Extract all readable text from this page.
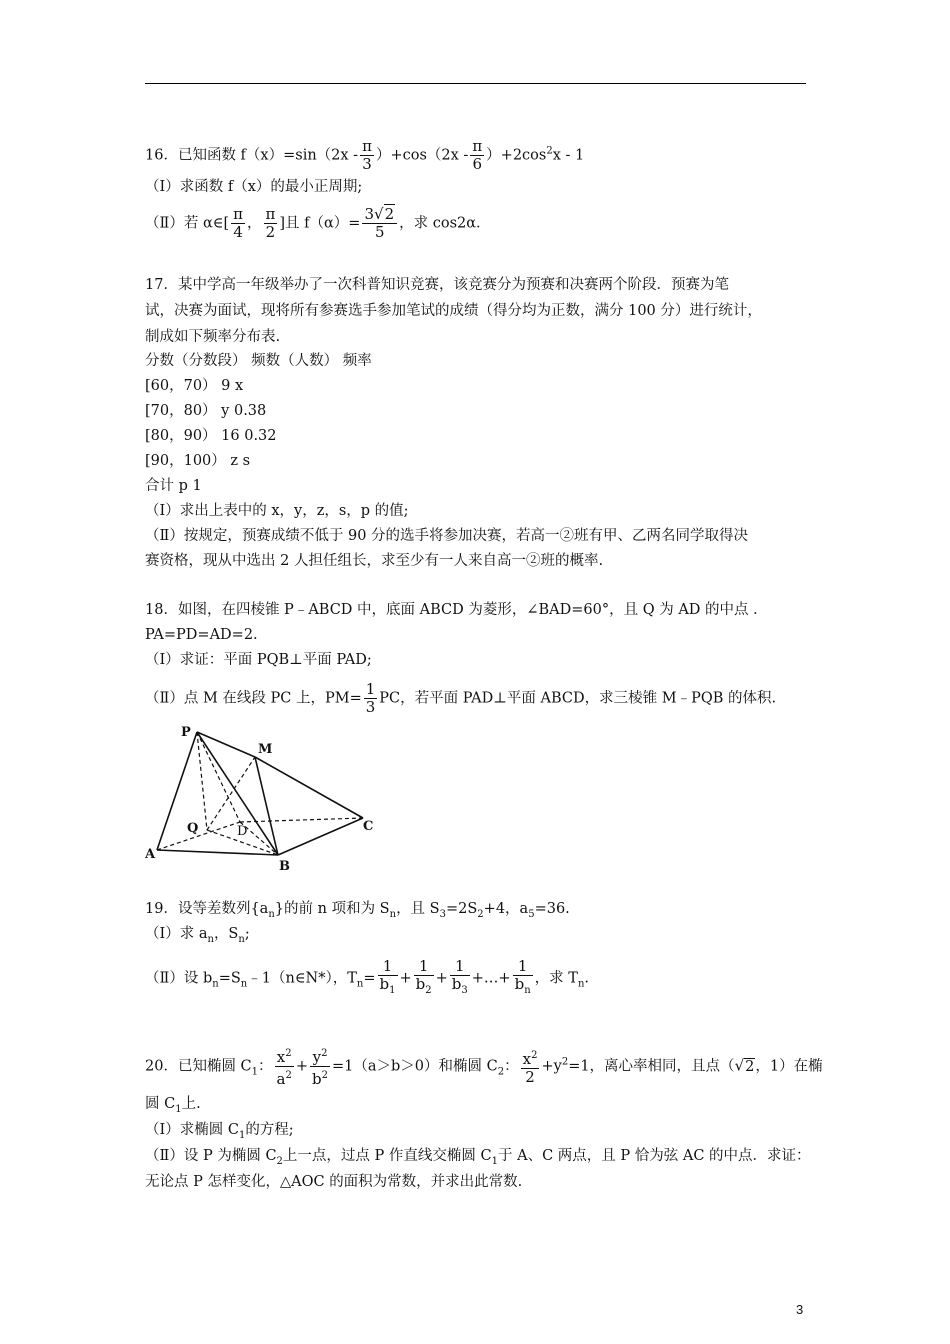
16．已知函数 $f(x)=\sin(2x - \frac{\pi}{3} )+\cos(2x - \frac{\pi}{6} )+2\cos^2x - 1$
（Ⅰ）求函数 f（x）的最小正周期;
（Ⅱ）若 α∈[ $\frac{\pi}{4}$ ， $\frac{\pi}{2}$ ]且 $f(\alpha)= \frac{3√2}{5}$ ，求 cos2α．
17．某中学高一年级举办了一次科普知识竞赛，该竞赛分为预赛和决赛两个阶段．预赛为笔
试，决赛为面试，现将所有参赛选手参加笔试的成绩（得分均为正数，满分 100 分）进行统计，
制成如下频率分布表.
分数（分数段） 频数（人数） 频率
[60，70） 9 x
[70，80） y 0.38
[80，90） 16 0.32
[90，100） z s
合计 p 1
（Ⅰ）求出上表中的 x，y，z，s，p 的值;
（Ⅱ）按规定，预赛成绩不低于 90 分的选手将参加决赛，若高一②班有甲、乙两名同学取得决
赛资格，现从中选出 2 人担任组长，求至少有一人来自高一②班的概率.
18．如图，在四棱锥 P﹣ABCD 中，底面 ABCD 为菱形，∠BAD=60°，且 Q 为 AD 的中点 ．
PA=PD=AD=2.
（Ⅰ）求证：平面 PQB⊥平面 PAD;
（Ⅱ）点 M 在线段 PC 上，$PM= \frac{1}{3}$ PC，若平面 PAD⊥平面 ABCD，求三棱锥 M﹣PQB 的体积.
P
M
Q	D	C
A
B
19．设等差数列$\{a_n\}$的前 n 项和为 $S_n$，且 $S_3=2S_2+4$，$a_5=36$.
（Ⅰ）求 $a_n$，$S_n$;
（Ⅱ）设 $b_n=S_n﹣1(n\in N*)$，$T_n= \frac{1}{b_1} + \frac{1}{b_2} + \frac{1}{b_3}$ +…+ $\frac{1}{b_n}$ ，求 $T_n$.
20．已知椭圆 $C_1$： $\frac{x^2}{a^2} + \frac{y^2}{b^2} =1(a>b>0)$和椭圆 $C_2$： $\frac{x^2}{2} +y^2=1$，离心率相同，且点（√2，1）在椭
圆 $C_1$上.
（Ⅰ）求椭圆 $C_1$的方程;
（Ⅱ）设 P 为椭圆 $C_2$上一点，过点 P 作直线交椭圆 $C_1$于 A、C 两点，且 P 恰为弦 AC 的中点．求证：
无论点 P 怎样变化，△AOC 的面积为常数，并求出此常数.
3
